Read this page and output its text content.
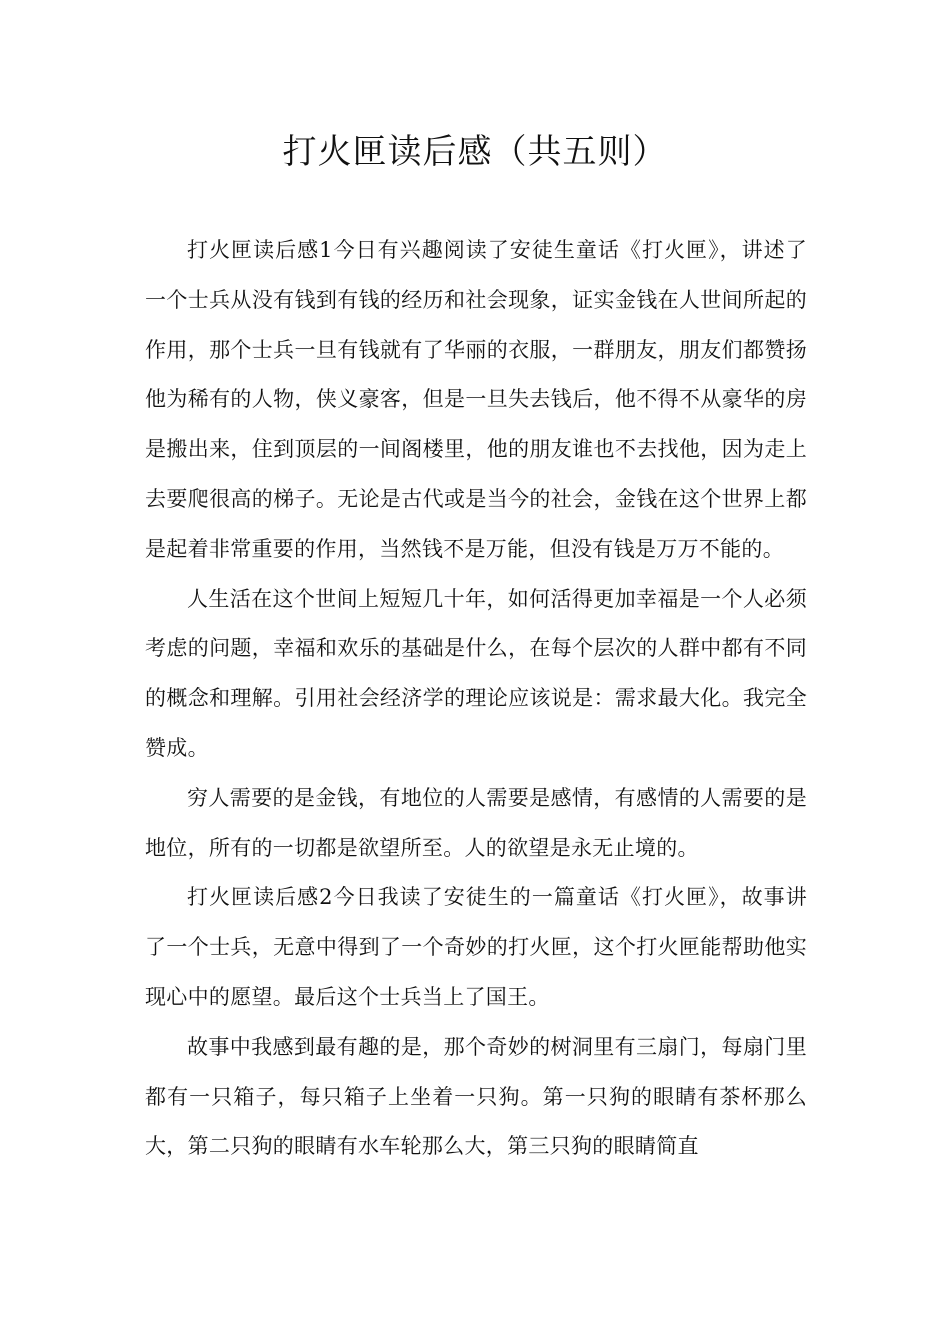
打火匣读后感（共五则）

打火匣读后感1今日有兴趣阅读了安徒生童话《打火匣》，讲述了一个士兵从没有钱到有钱的经历和社会现象，证实金钱在人世间所起的作用，那个士兵一旦有钱就有了华丽的衣服，一群朋友，朋友们都赞扬他为稀有的人物，侠义豪客，但是一旦失去钱后，他不得不从豪华的房是搬出来，住到顶层的一间阁楼里，他的朋友谁也不去找他，因为走上去要爬很高的梯子。无论是古代或是当今的社会，金钱在这个世界上都是起着非常重要的作用，当然钱不是万能，但没有钱是万万不能的。

人生活在这个世间上短短几十年，如何活得更加幸福是一个人必须考虑的问题，幸福和欢乐的基础是什么，在每个层次的人群中都有不同的概念和理解。引用社会经济学的理论应该说是：需求最大化。我完全赞成。

穷人需要的是金钱，有地位的人需要是感情，有感情的人需要的是地位，所有的一切都是欲望所至。人的欲望是永无止境的。

打火匣读后感2今日我读了安徒生的一篇童话《打火匣》，故事讲了一个士兵，无意中得到了一个奇妙的打火匣，这个打火匣能帮助他实现心中的愿望。最后这个士兵当上了国王。

故事中我感到最有趣的是，那个奇妙的树洞里有三扇门，每扇门里都有一只箱子，每只箱子上坐着一只狗。第一只狗的眼睛有茶杯那么大，第二只狗的眼睛有水车轮那么大，第三只狗的眼睛简直
